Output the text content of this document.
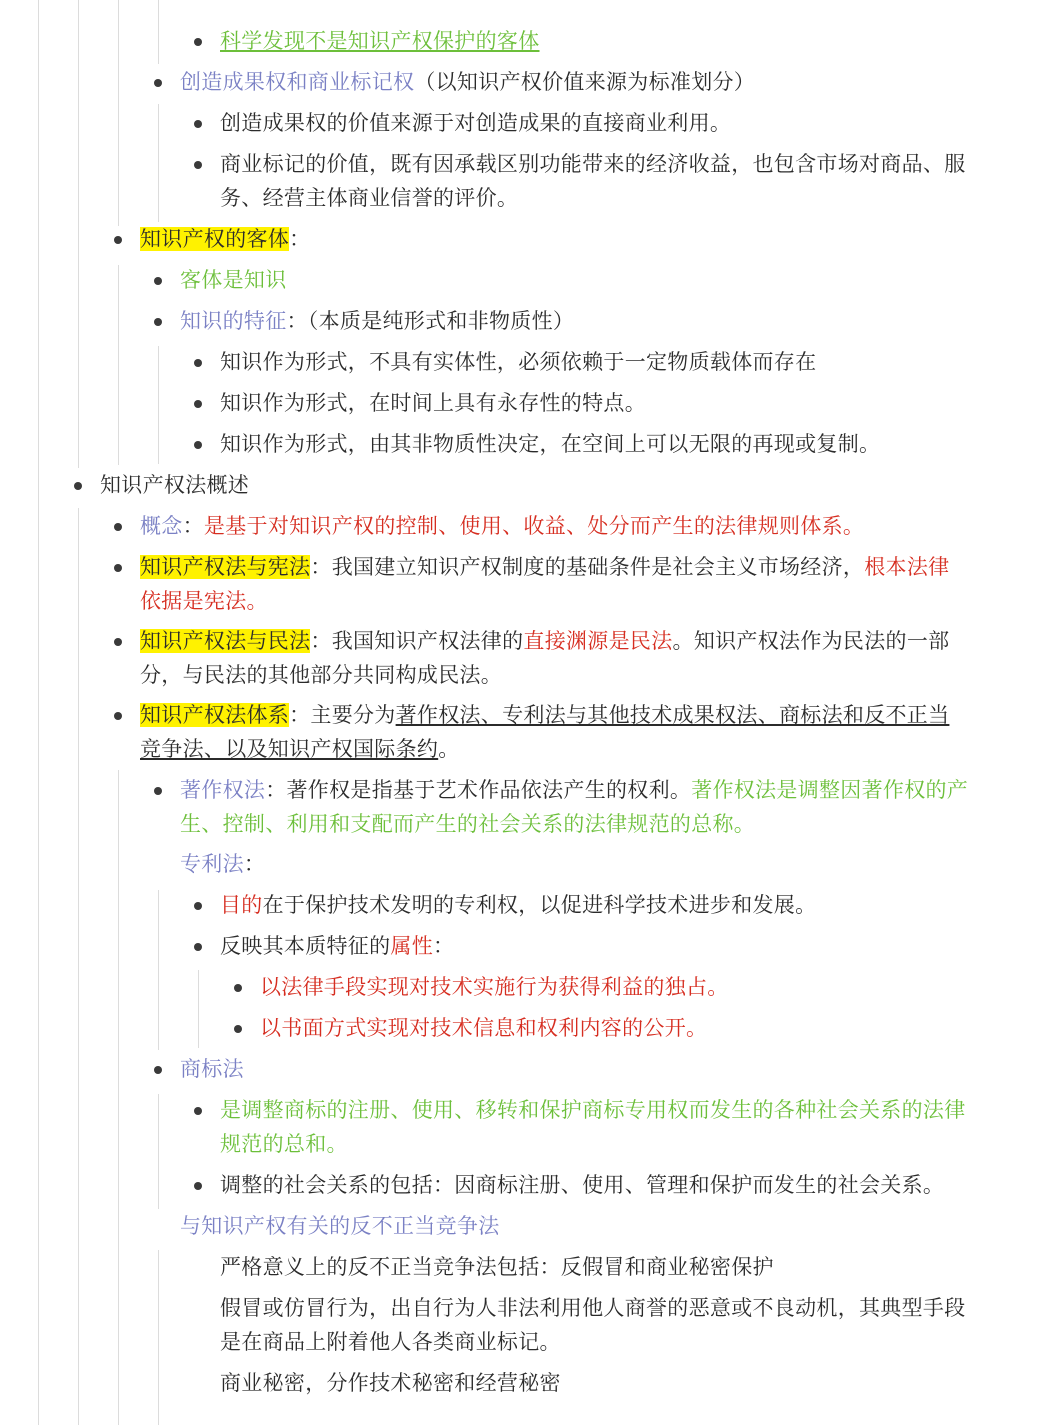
科学发现不是知识产权保护的客体
创造成果权和商业标记权（以知识产权价值来源为标准划分）
创造成果权的价值来源于对创造成果的直接商业利用。
商业标记的价值，既有因承载区别功能带来的经济收益，也包含市场对商品、服
务、经营主体商业信誉的评价。
知识产权的客体：
客体是知识
知识的特征：（本质是纯形式和非物质性）
知识作为形式，不具有实体性，必须依赖于一定物质载体而存在
知识作为形式，在时间上具有永存性的特点。
知识作为形式，由其非物质性决定，在空间上可以无限的再现或复制。
知识产权法概述
概念：是基于对知识产权的控制、使用、收益、处分而产生的法律规则体系。
知识产权法与宪法：我国建立知识产权制度的基础条件是社会主义市场经济，根本法律
依据是宪法。
知识产权法与民法：我国知识产权法律的直接渊源是民法。知识产权法作为民法的一部
分，与民法的其他部分共同构成民法。
知识产权法体系：主要分为著作权法、专利法与其他技术成果权法、商标法和反不正当
竞争法、以及知识产权国际条约。
著作权法：著作权是指基于艺术作品依法产生的权利。著作权法是调整因著作权的产
生、控制、利用和支配而产生的社会关系的法律规范的总称。
专利法：
目的在于保护技术发明的专利权，以促进科学技术进步和发展。
反映其本质特征的属性：
以法律手段实现对技术实施行为获得利益的独占。
以书面方式实现对技术信息和权利内容的公开。
商标法
是调整商标的注册、使用、移转和保护商标专用权而发生的各种社会关系的法律
规范的总和。
调整的社会关系的包括：因商标注册、使用、管理和保护而发生的社会关系。
与知识产权有关的反不正当竞争法
严格意义上的反不正当竞争法包括：反假冒和商业秘密保护
假冒或仿冒行为，出自行为人非法利用他人商誉的恶意或不良动机，其典型手段
是在商品上附着他人各类商业标记。
商业秘密，分作技术秘密和经营秘密
